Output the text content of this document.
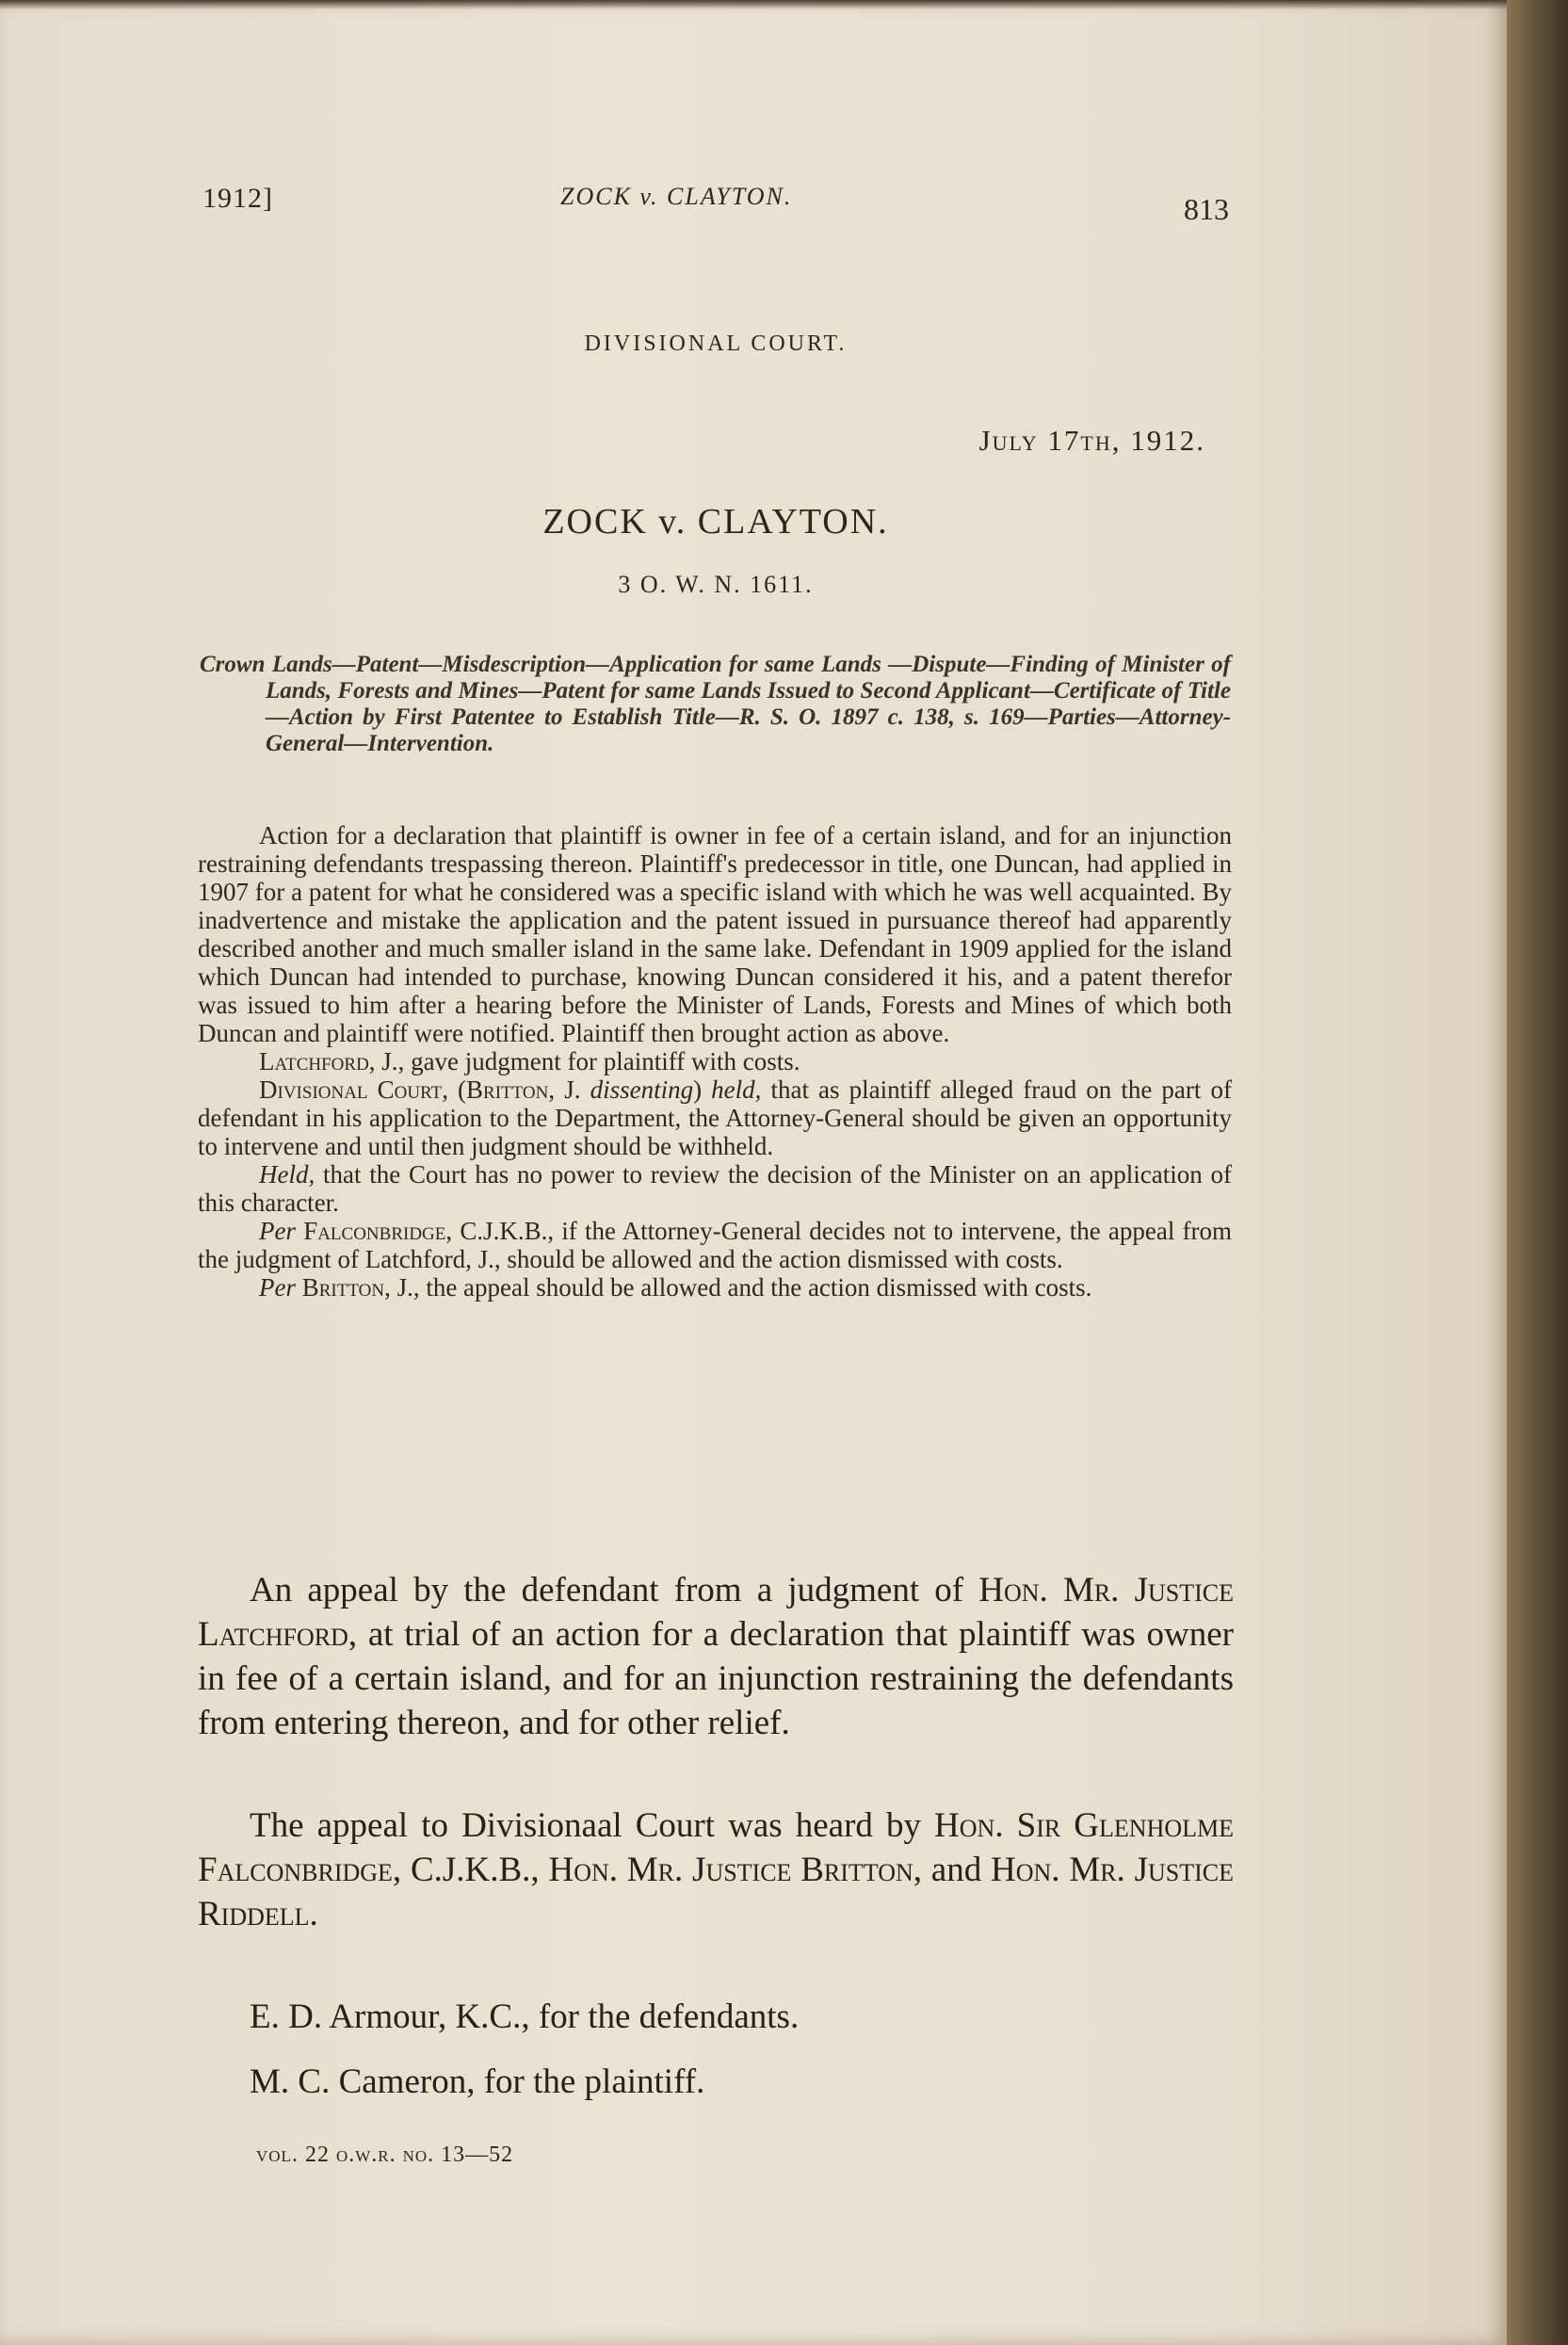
1912]	ZOCK v. CLAYTON.	813
DIVISIONAL COURT.
July 17th, 1912.
ZOCK v. CLAYTON.
3 O. W. N. 1611.
Crown Lands—Patent—Misdescription—Application for same Lands —Dispute—Finding of Minister of Lands, Forests and Mines—Patent for same Lands Issued to Second Applicant—Certificate of Title—Action by First Patentee to Establish Title—R. S. O. 1897 c. 138, s. 169—Parties—Attorney-General—Intervention.

Action for a declaration that plaintiff is owner in fee of a certain island, and for an injunction restraining defendants trespassing thereon. Plaintiff's predecessor in title, one Duncan, had applied in 1907 for a patent for what he considered was a specific island with which he was well acquainted. By inadvertence and mistake the application and the patent issued in pursuance thereof had apparently described another and much smaller island in the same lake. Defendant in 1909 applied for the island which Duncan had intended to purchase, knowing Duncan considered it his, and a patent therefor was issued to him after a hearing before the Minister of Lands, Forests and Mines of which both Duncan and plaintiff were notified. Plaintiff then brought action as above.

Latchford, J., gave judgment for plaintiff with costs.

Divisional Court, (Britton, J. dissenting) held, that as plaintiff alleged fraud on the part of defendant in his application to the Department, the Attorney-General should be given an opportunity to intervene and until then judgment should be withheld.

Held, that the Court has no power to review the decision of the Minister on an application of this character.

Per Falconbridge, C.J.K.B., if the Attorney-General decides not to intervene, the appeal from the judgment of Latchford, J., should be allowed and the action dismissed with costs.

Per Britton, J., the appeal should be allowed and the action dismissed with costs.

An appeal by the defendant from a judgment of Hon. Mr. Justice Latchford, at trial of an action for a declaration that plaintiff was owner in fee of a certain island, and for an injunction restraining the defendants from entering thereon, and for other relief.

The appeal to Divisionaal Court was heard by Hon. Sir Glenholme Falconbridge, C.J.K.B., Hon. Mr. Justice Britton, and Hon. Mr. Justice Riddell.

E. D. Armour, K.C., for the defendants.

M. C. Cameron, for the plaintiff.

vol. 22 o.w.r. no. 13—52
